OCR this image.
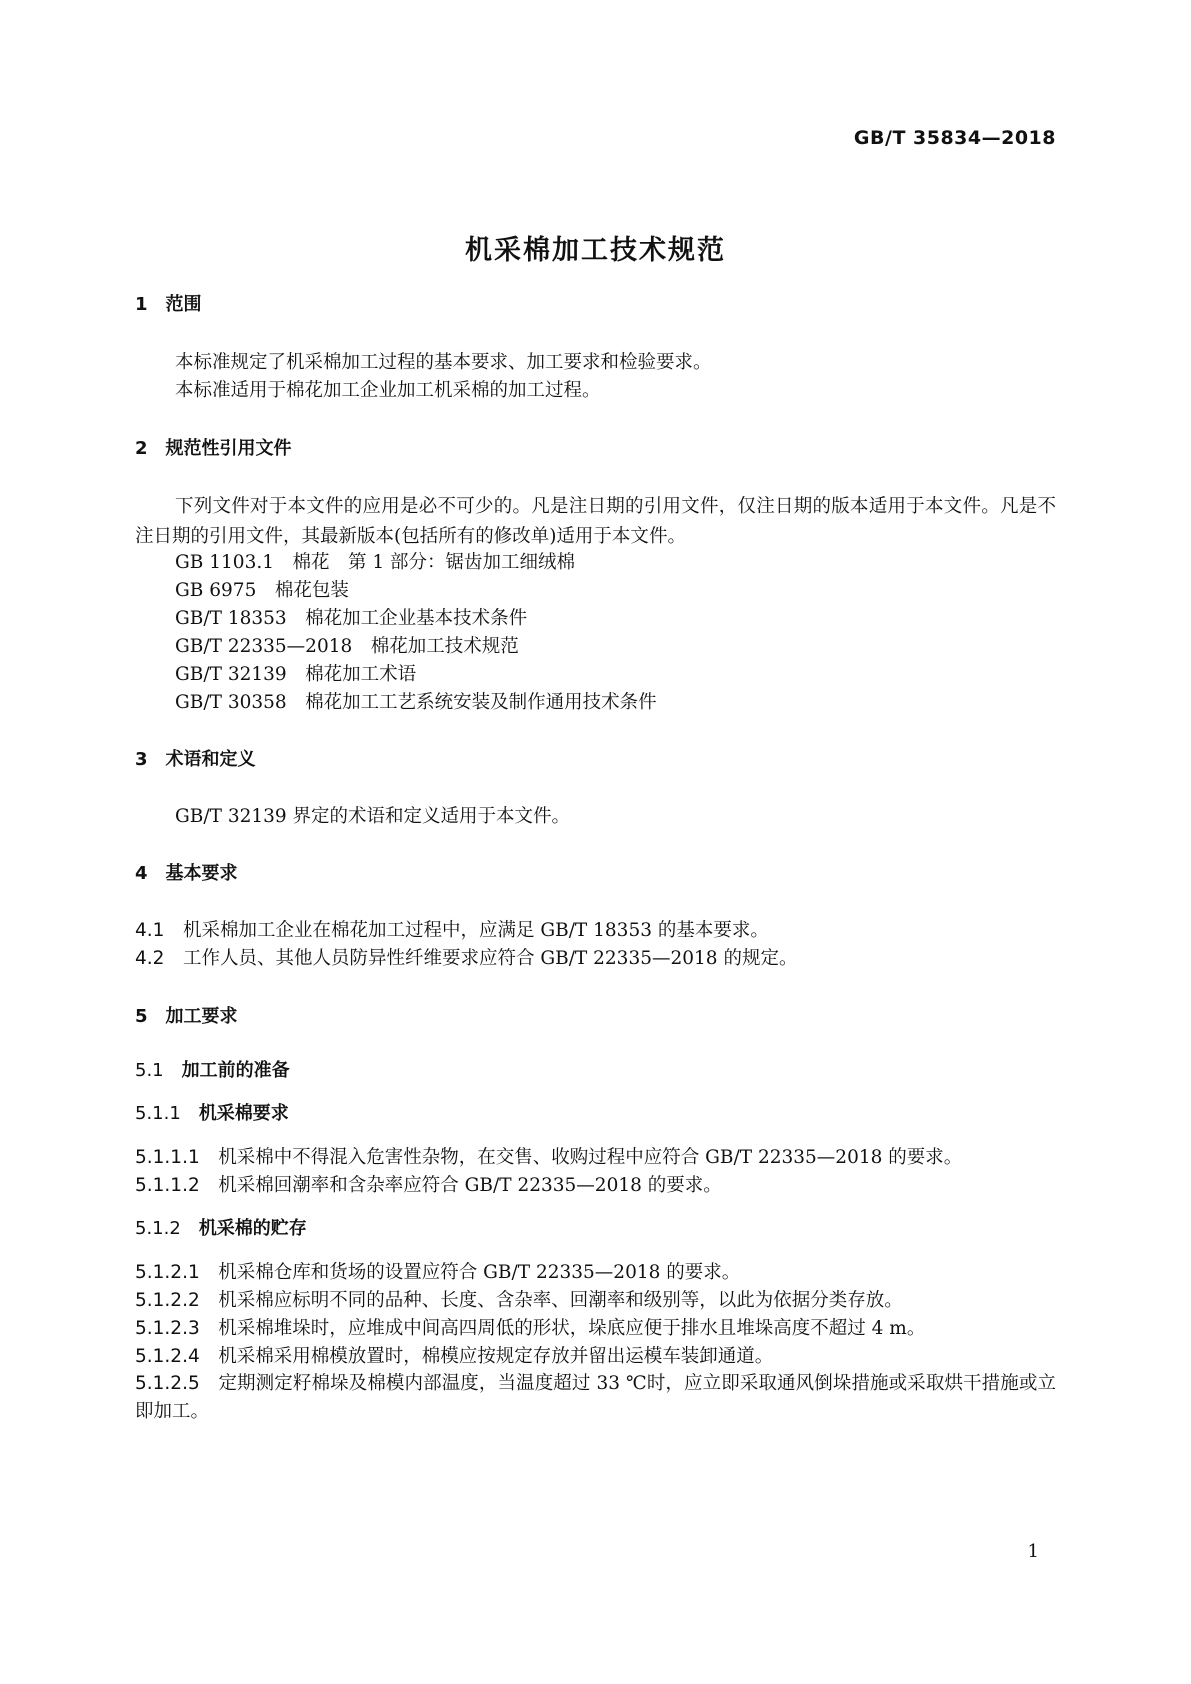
GB/T 35834—2018
机采棉加工技术规范
1　 范围
本标准规定了机采棉加工过程的基本要求、加工要求和检验要求。
本标准适用于棉花加工企业加工机采棉的加工过程。
2　 规范性引用文件
下列文件对于本文件的应用是必不可少的。凡是注日期的引用文件，仅注日期的版本适用于本文件。凡是不注日期的引用文件，其最新版本(包括所有的修改单)适用于本文件。
GB 1103.1　棉花　第 1 部分：锯齿加工细绒棉
GB 6975　棉花包装
GB/T 18353　棉花加工企业基本技术条件
GB/T 22335—2018　棉花加工技术规范
GB/T 32139　棉花加工术语
GB/T 30358　棉花加工工艺系统安装及制作通用技术条件
3　 术语和定义
GB/T 32139 界定的术语和定义适用于本文件。
4　 基本要求
4.1　 机采棉加工企业在棉花加工过程中，应满足 GB/T 18353 的基本要求。
4.2　 工作人员、其他人员防异性纤维要求应符合 GB/T 22335—2018 的规定。
5　 加工要求
5.1　 加工前的准备
5.1.1　 机采棉要求
5.1.1.1　 机采棉中不得混入危害性杂物，在交售、收购过程中应符合 GB/T 22335—2018 的要求。
5.1.1.2　 机采棉回潮率和含杂率应符合 GB/T 22335—2018 的要求。
5.1.2　 机采棉的贮存
5.1.2.1　 机采棉仓库和货场的设置应符合 GB/T 22335—2018 的要求。
5.1.2.2　 机采棉应标明不同的品种、长度、含杂率、回潮率和级别等，以此为依据分类存放。
5.1.2.3　 机采棉堆垛时，应堆成中间高四周低的形状，垛底应便于排水且堆垛高度不超过 4 m。
5.1.2.4　 机采棉采用棉模放置时，棉模应按规定存放并留出运模车装卸通道。
5.1.2.5　 定期测定籽棉垛及棉模内部温度，当温度超过 33 ℃时，应立即采取通风倒垛措施或采取烘干措施或立即加工。
1
